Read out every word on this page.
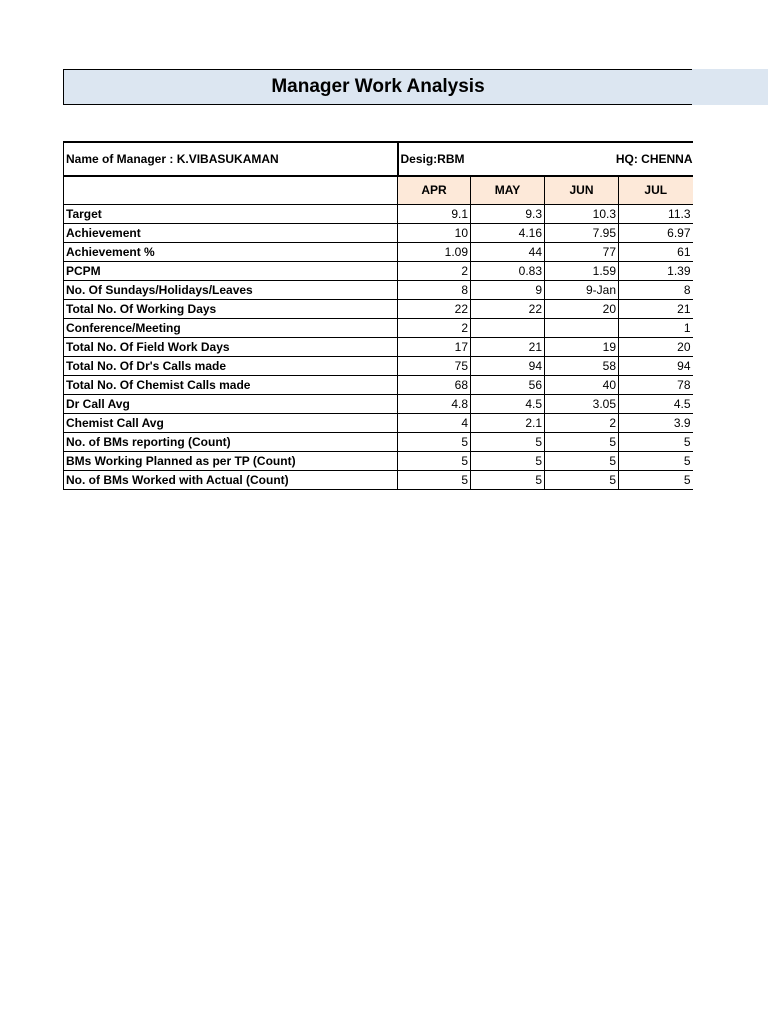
Manager Work Analysis
Name of Manager : K.VIBASUKAMAN	Desig:RBM HQ: CHENNA			

	APR	MAY	JUN	JUL
Target	9.1	9.3	10.3	11.3
Achievement	10	4.16	7.95	6.97
Achievement %	1.09	44	77	61
PCPM	2	0.83	1.59	1.39
No. Of Sundays/Holidays/Leaves	8	9	9-Jan	8
Total No. Of Working Days	22	22	20	21
Conference/Meeting	2			1
Total No. Of Field Work Days	17	21	19	20
Total No. Of Dr's Calls made	75	94	58	94
Total No. Of Chemist Calls made	68	56	40	78
Dr Call Avg	4.8	4.5	3.05	4.5
Chemist Call Avg	4	2.1	2	3.9
No. of BMs reporting (Count)	5	5	5	5
BMs Working Planned as per TP (Count)	5	5	5	5
No. of BMs Worked with Actual (Count)	5	5	5	5
